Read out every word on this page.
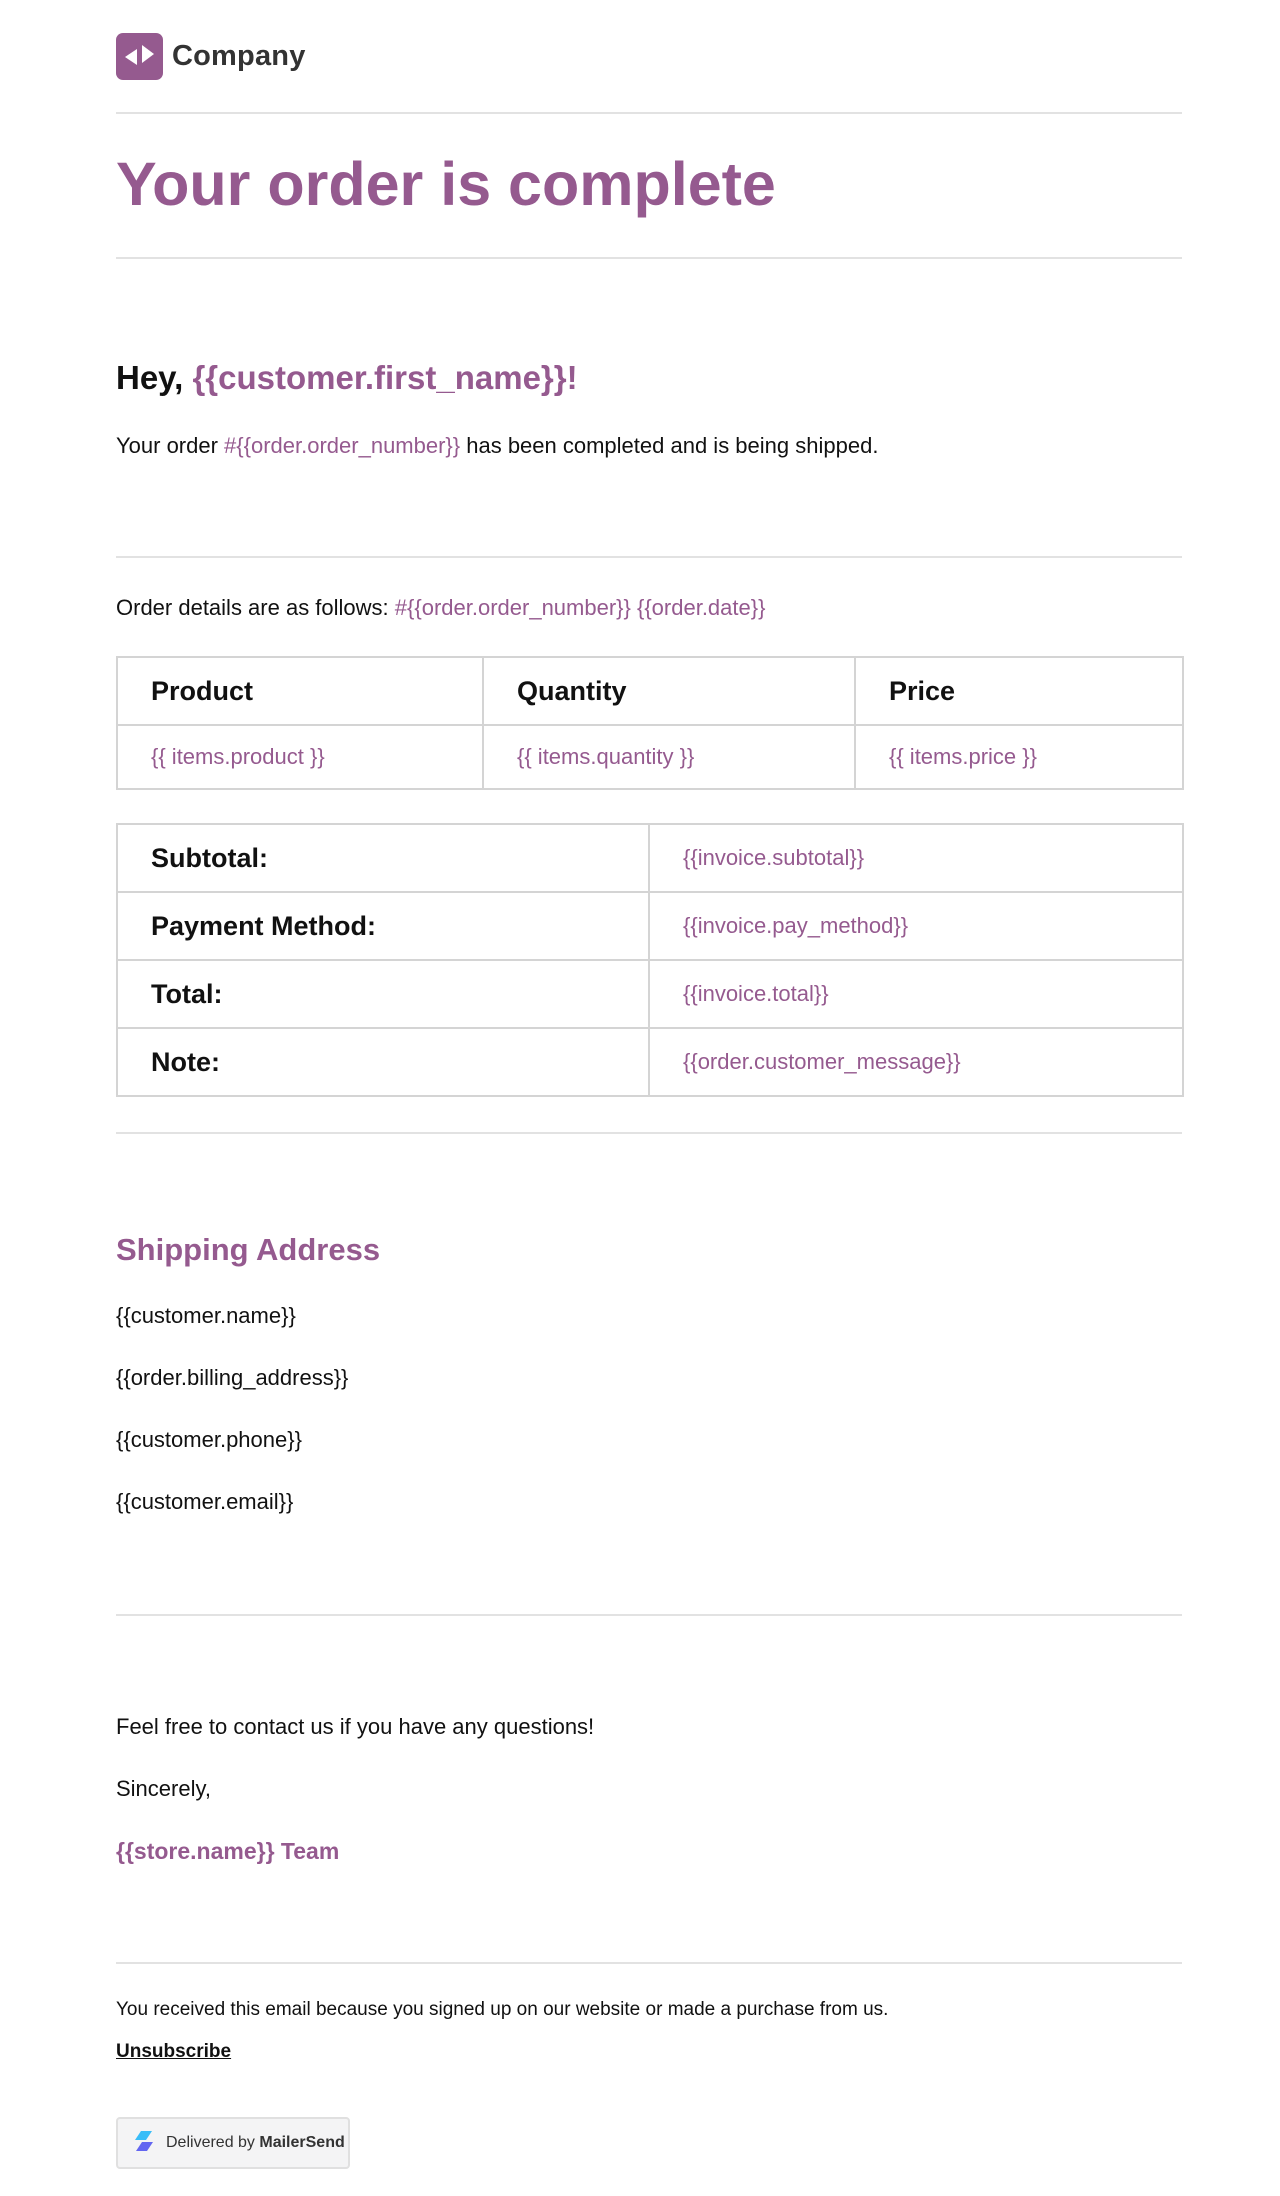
Company
Your order is complete
Hey, {{customer.first_name}}!

Your order #{{order.order_number}} has been completed and is being shipped.

Order details are as follows: #{{order.order_number}} {{order.date}}

Product	Quantity	Price
{{ items.product }}	{{ items.quantity }}	{{ items.price }}
Subtotal:	{{invoice.subtotal}}
Payment Method:	{{invoice.pay_method}}
Total:	{{invoice.total}}
Note:	{{order.customer_message}}
Shipping Address

{{customer.name}}

{{order.billing_address}}

{{customer.phone}}

{{customer.email}}

Feel free to contact us if you have any questions!

Sincerely,

{{store.name}} Team

You received this email because you signed up on our website or made a purchase from us.

Unsubscribe
Delivered by MailerSend
